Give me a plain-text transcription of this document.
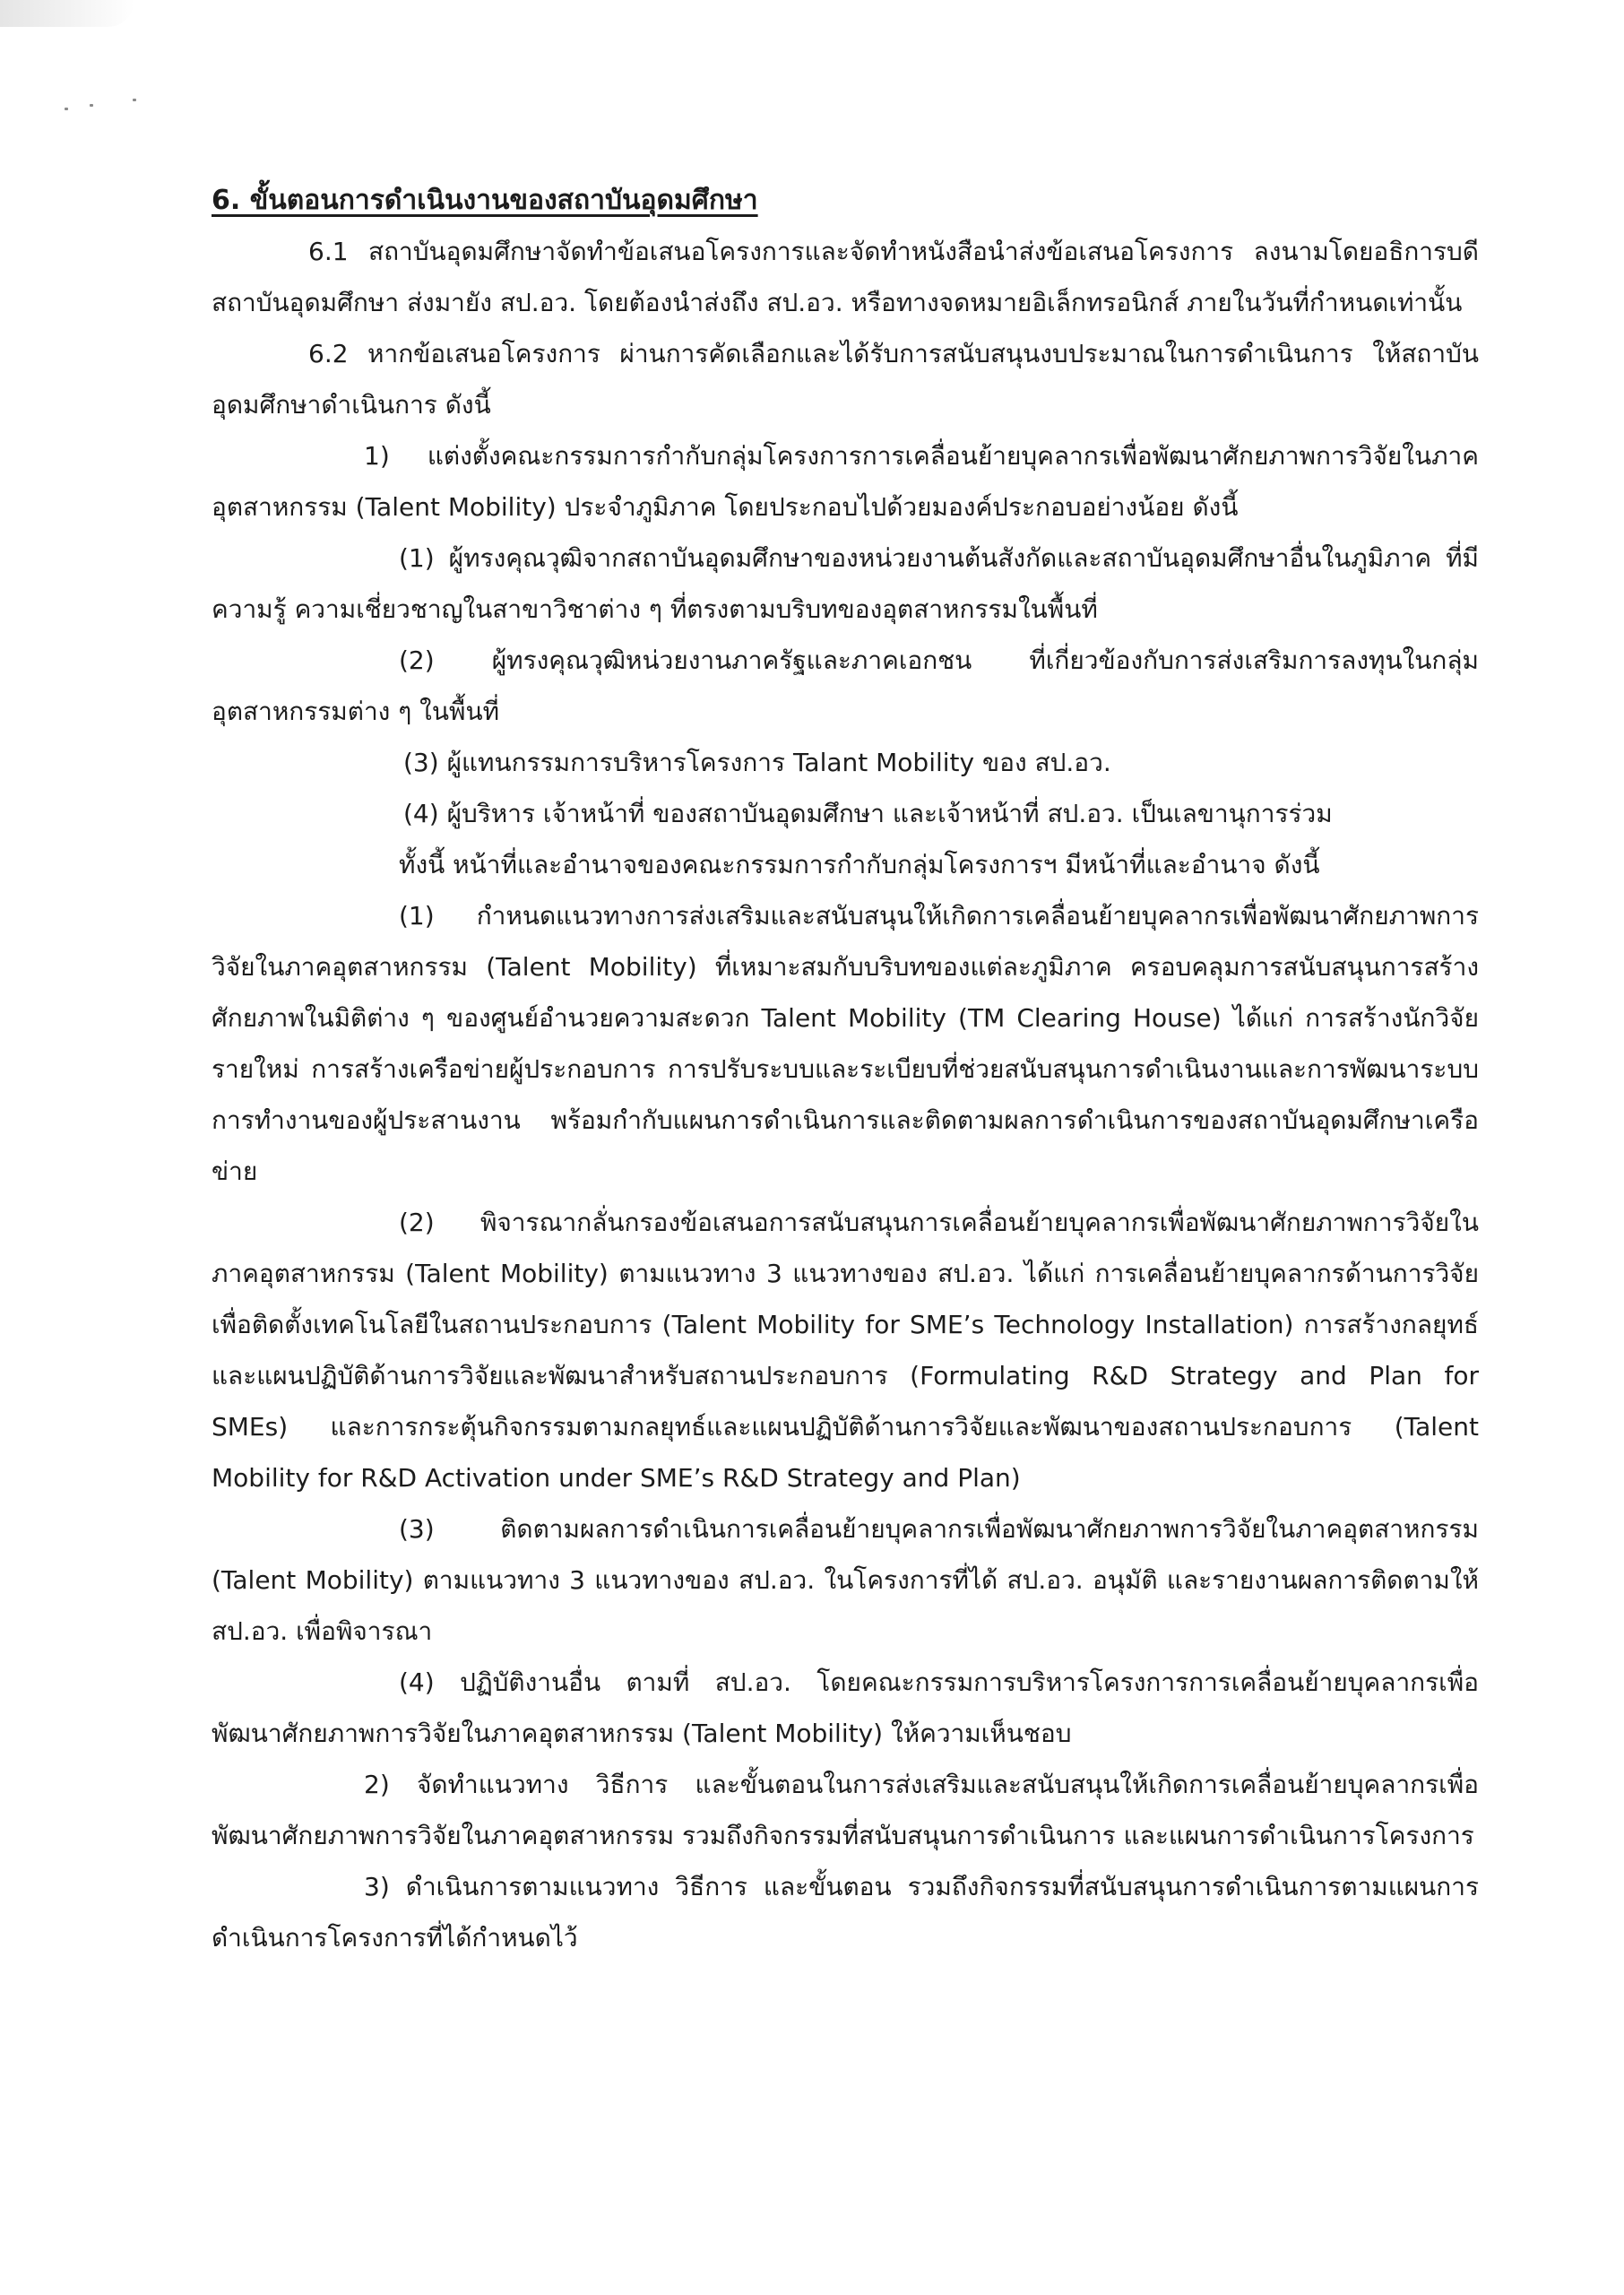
6. ขั้นตอนการดำเนินงานของสถาบันอุดมศึกษา

6.1 สถาบันอุดมศึกษาจัดทำข้อเสนอโครงการและจัดทำหนังสือนำส่งข้อเสนอโครงการ ลงนามโดยอธิการบดีสถาบันอุดมศึกษา ส่งมายัง สป.อว. โดยต้องนำส่งถึง สป.อว. หรือทางจดหมายอิเล็กทรอนิกส์ ภายในวันที่กำหนดเท่านั้น

6.2 หากข้อเสนอโครงการ ผ่านการคัดเลือกและได้รับการสนับสนุนงบประมาณในการดำเนินการ ให้สถาบันอุดมศึกษาดำเนินการ ดังนี้

1) แต่งตั้งคณะกรรมการกำกับกลุ่มโครงการการเคลื่อนย้ายบุคลากรเพื่อพัฒนาศักยภาพการวิจัยในภาคอุตสาหกรรม (Talent Mobility) ประจำภูมิภาค โดยประกอบไปด้วยมองค์ประกอบอย่างน้อย ดังนี้

(1) ผู้ทรงคุณวุฒิจากสถาบันอุดมศึกษาของหน่วยงานต้นสังกัดและสถาบันอุดมศึกษาอื่นในภูมิภาค ที่มีความรู้ ความเชี่ยวชาญในสาขาวิชาต่าง ๆ ที่ตรงตามบริบทของอุตสาหกรรมในพื้นที่

(2) ผู้ทรงคุณวุฒิหน่วยงานภาครัฐและภาคเอกชน ที่เกี่ยวข้องกับการส่งเสริมการลงทุนในกลุ่มอุตสาหกรรมต่าง ๆ ในพื้นที่

(3) ผู้แทนกรรมการบริหารโครงการ Talant Mobility ของ สป.อว.

(4) ผู้บริหาร เจ้าหน้าที่ ของสถาบันอุดมศึกษา และเจ้าหน้าที่ สป.อว. เป็นเลขานุการร่วม

ทั้งนี้ หน้าที่และอำนาจของคณะกรรมการกำกับกลุ่มโครงการฯ มีหน้าที่และอำนาจ ดังนี้

(1) กำหนดแนวทางการส่งเสริมและสนับสนุนให้เกิดการเคลื่อนย้ายบุคลากรเพื่อพัฒนาศักยภาพการวิจัยในภาคอุตสาหกรรม (Talent Mobility) ที่เหมาะสมกับบริบทของแต่ละภูมิภาค ครอบคลุมการสนับสนุนการสร้างศักยภาพในมิติต่าง ๆ ของศูนย์อำนวยความสะดวก Talent Mobility (TM Clearing House) ได้แก่ การสร้างนักวิจัยรายใหม่ การสร้างเครือข่ายผู้ประกอบการ การปรับระบบและระเบียบที่ช่วยสนับสนุนการดำเนินงานและการพัฒนาระบบการทำงานของผู้ประสานงาน พร้อมกำกับแผนการดำเนินการและติดตามผลการดำเนินการของสถาบันอุดมศึกษาเครือข่าย

(2) พิจารณากลั่นกรองข้อเสนอการสนับสนุนการเคลื่อนย้ายบุคลากรเพื่อพัฒนาศักยภาพการวิจัยในภาคอุตสาหกรรม (Talent Mobility) ตามแนวทาง 3 แนวทางของ สป.อว. ได้แก่ การเคลื่อนย้ายบุคลากรด้านการวิจัยเพื่อติดตั้งเทคโนโลยีในสถานประกอบการ (Talent Mobility for SME’s Technology Installation) การสร้างกลยุทธ์และแผนปฏิบัติด้านการวิจัยและพัฒนาสำหรับสถานประกอบการ (Formulating R&D Strategy and Plan for SMEs) และการกระตุ้นกิจกรรมตามกลยุทธ์และแผนปฏิบัติด้านการวิจัยและพัฒนาของสถานประกอบการ (Talent Mobility for R&D Activation under SME’s R&D Strategy and Plan)

(3) ติดตามผลการดำเนินการเคลื่อนย้ายบุคลากรเพื่อพัฒนาศักยภาพการวิจัยในภาคอุตสาหกรรม (Talent Mobility) ตามแนวทาง 3 แนวทางของ สป.อว. ในโครงการที่ได้ สป.อว. อนุมัติ และรายงานผลการติดตามให้ สป.อว. เพื่อพิจารณา

(4) ปฏิบัติงานอื่น ตามที่ สป.อว. โดยคณะกรรมการบริหารโครงการการเคลื่อนย้ายบุคลากรเพื่อพัฒนาศักยภาพการวิจัยในภาคอุตสาหกรรม (Talent Mobility) ให้ความเห็นชอบ

2) จัดทำแนวทาง วิธีการ และขั้นตอนในการส่งเสริมและสนับสนุนให้เกิดการเคลื่อนย้ายบุคลากรเพื่อพัฒนาศักยภาพการวิจัยในภาคอุตสาหกรรม รวมถึงกิจกรรมที่สนับสนุนการดำเนินการ และแผนการดำเนินการโครงการ

3) ดำเนินการตามแนวทาง วิธีการ และขั้นตอน รวมถึงกิจกรรมที่สนับสนุนการดำเนินการตามแผนการดำเนินการโครงการที่ได้กำหนดไว้
